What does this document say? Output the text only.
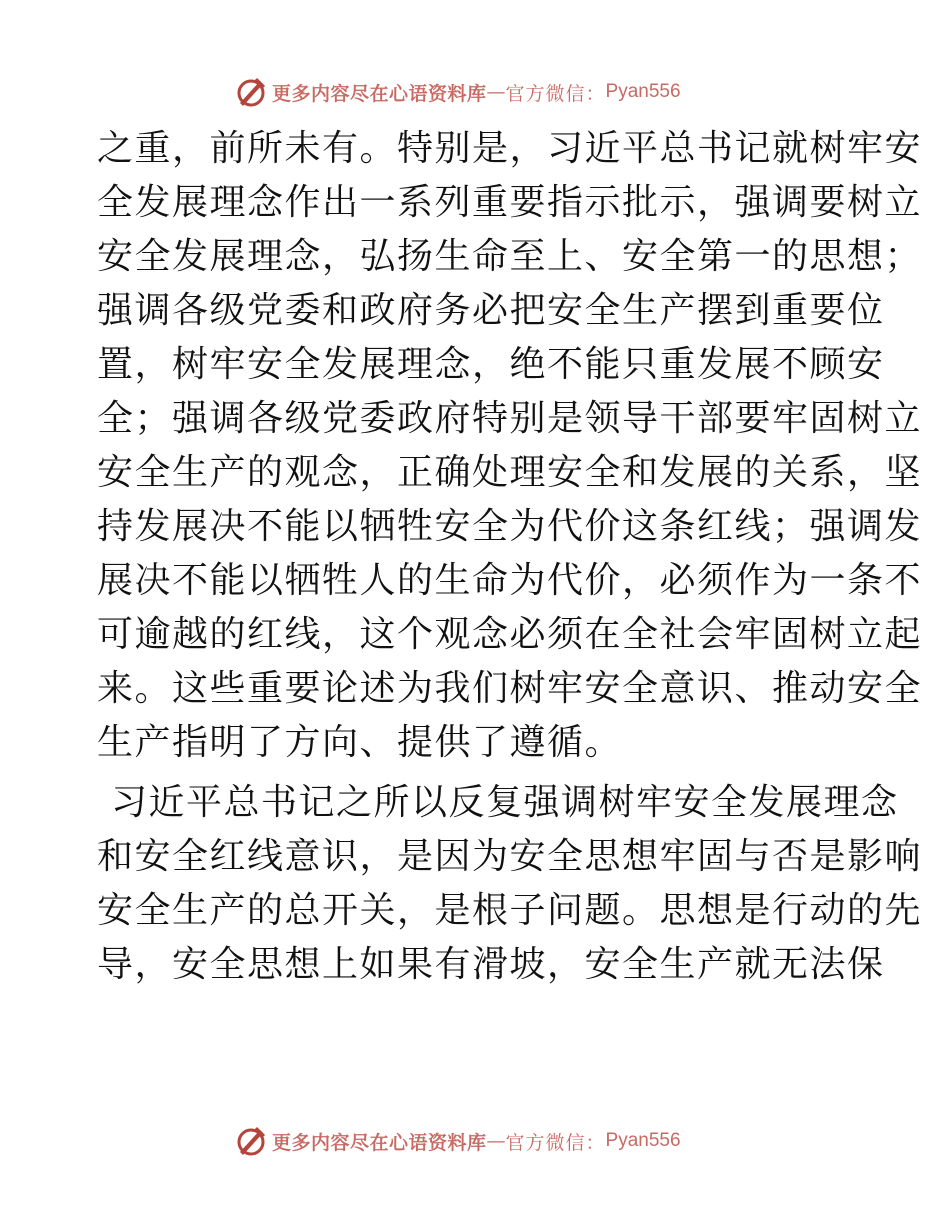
更多内容尽在心语资料库 — 官方微信： Pyan556

之重，前所未有。特别是，习近平总书记就树牢安
全发展理念作出一系列重要指示批示，强调要树立
安全发展理念，弘扬生命至上、安全第一的思想；
强调各级党委和政府务必把安全生产摆到重要位
置，树牢安全发展理念，绝不能只重发展不顾安
全；强调各级党委政府特别是领导干部要牢固树立
安全生产的观念，正确处理安全和发展的关系，坚
持发展决不能以牺牲安全为代价这条红线；强调发
展决不能以牺牲人的生命为代价，必须作为一条不
可逾越的红线，这个观念必须在全社会牢固树立起
来。这些重要论述为我们树牢安全意识、推动安全
生产指明了方向、提供了遵循。

习近平总书记之所以反复强调树牢安全发展理念
和安全红线意识，是因为安全思想牢固与否是影响
安全生产的总开关，是根子问题。思想是行动的先
导，安全思想上如果有滑坡，安全生产就无法保

更多内容尽在心语资料库 — 官方微信： Pyan556
